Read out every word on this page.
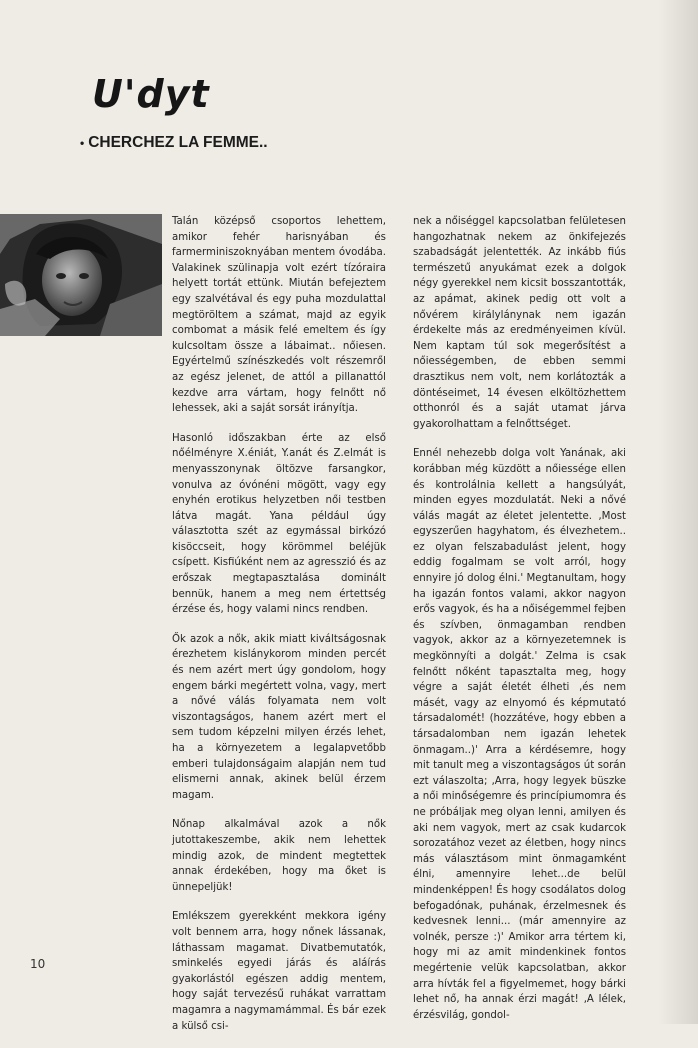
U'dyt
• CHERCHEZ LA FEMME..

Talán középső csoportos lehettem, amikor fehér harisnyában és farmerminiszoknyában mentem óvodába. Valakinek szülinapja volt ezért tízóraira helyett tortát ettünk. Miután befejeztem egy szalvétával és egy puha mozdulattal megtöröltem a számat, majd az egyik combomat a másik felé emeltem és így kulcsoltam össze a lábaimat.. nőiesen. Egyértelmű színészkedés volt részemről az egész jelenet, de attól a pillanattól kezdve arra vártam, hogy felnőtt nő lehessek, aki a saját sorsát irányítja.

Hasonló időszakban érte az első nőélményre X.éniát, Y.anát és Z.elmát is menyasszonynak öltözve farsangkor, vonulva az óvónéni mögött, vagy egy enyhén erotikus helyzetben női testben látva magát. Yana például úgy választotta szét az egymással birkózó kisöccseit, hogy körömmel beléjük csípett. Kisfiúként nem az agresszió és az erőszak megtapasztalása dominált bennük, hanem a meg nem értettség érzése és, hogy valami nincs rendben.

Ők azok a nők, akik miatt kiváltságosnak érezhetem kislánykorom minden percét és nem azért mert úgy gondolom, hogy engem bárki megértett volna, vagy, mert a nővé válás folyamata nem volt viszontagságos, hanem azért mert el sem tudom képzelni milyen érzés lehet, ha a környezetem a legalapvetőbb emberi tulajdonságaim alapján nem tud elismerni annak, akinek belül érzem magam.

Nőnap alkalmával azok a nők jutottakeszembe, akik nem lehettek mindig azok, de mindent megtettek annak érdekében, hogy ma őket is ünnepeljük!

Emlékszem gyerekként mekkora igény volt bennem arra, hogy nőnek lássanak, láthassam magamat. Divatbemutatók, sminkelés egyedi járás és aláírás gyakorlástól egészen addig mentem, hogy saját tervezésű ruhákat varrattam magamra a nagymamámmal. És bár ezek a külső csi-

nek a nőiséggel kapcsolatban felületesen hangozhatnak nekem az önkifejezés szabadságát jelentették. Az inkább fiús természetű anyukámat ezek a dolgok négy gyerekkel nem kicsit bosszantották, az apámat, akinek pedig ott volt a nővérem királylánynak nem igazán érdekelte más az eredményeimen kívül. Nem kaptam túl sok megerősítést a nőiességemben, de ebben semmi drasztikus nem volt, nem korlátozták a döntéseimet, 14 évesen elköltözhettem otthonról és a saját utamat járva gyakorolhattam a felnőttséget.

Ennél nehezebb dolga volt Yanának, aki korábban még küzdött a nőiessége ellen és kontrolálnia kellett a hangsúlyát, minden egyes mozdulatát. Neki a nővé válás magát az életet jelentette. ‚Most egyszerűen hagyhatom, és élvezhetem.. ez olyan felszabadulást jelent, hogy eddig fogalmam se volt arról, hogy ennyire jó dolog élni.' Megtanultam, hogy ha igazán fontos valami, akkor nagyon erős vagyok, és ha a nőiségemmel fejben és szívben, önmagamban rendben vagyok, akkor az a környezetemnek is megkönnyíti a dolgát.' Zelma is csak felnőtt nőként tapasztalta meg, hogy végre a saját életét élheti ‚és nem másét, vagy az elnyomó és képmutató társadalomét! (hozzátéve, hogy ebben a társadalomban nem igazán lehetek önmagam..)' Arra a kérdésemre, hogy mit tanult meg a viszontagságos út során ezt válaszolta; ‚Arra, hogy legyek büszke a női minőségemre és princípiumomra és ne próbáljak meg olyan lenni, amilyen és aki nem vagyok, mert az csak kudarcok sorozatához vezet az életben, hogy nincs más választásom mint önmagamként élni, amennyire lehet...de belül mindenképpen! És hogy csodálatos dolog befogadónak, puhának, érzelmesnek és kedvesnek lenni... (már amennyire az volnék, persze :)' Amikor arra tértem ki, hogy mi az amit mindenkinek fontos megértenie velük kapcsolatban, akkor arra hívták fel a figyelmemet, hogy bárki lehet nő, ha annak érzi magát! ‚A lélek, érzésvilág, gondol-

10
